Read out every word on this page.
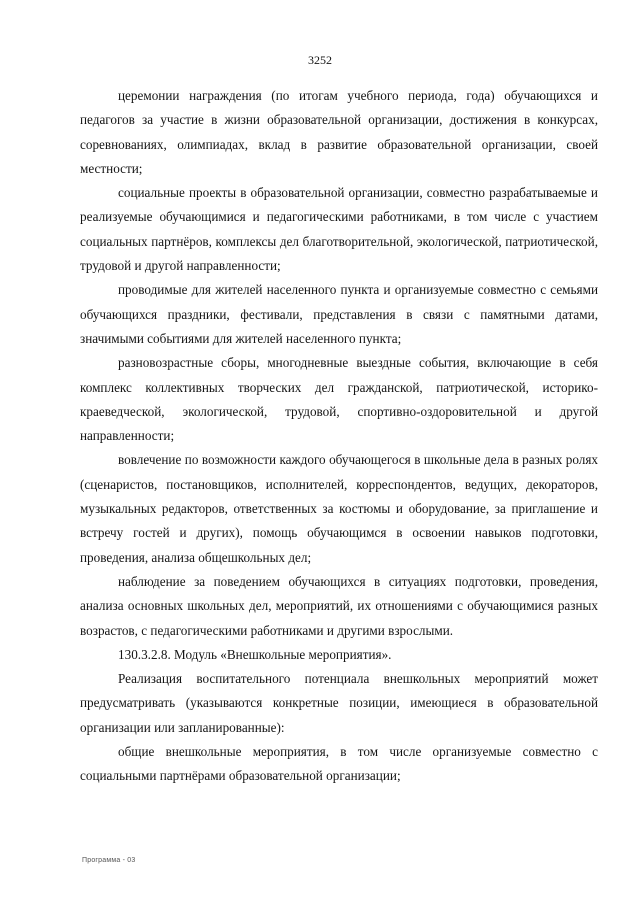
3252

церемонии награждения (по итогам учебного периода, года) обучающихся и педагогов за участие в жизни образовательной организации, достижения в конкурсах, соревнованиях, олимпиадах, вклад в развитие образовательной организации, своей местности;

социальные проекты в образовательной организации, совместно разрабатываемые и реализуемые обучающимися и педагогическими работниками, в том числе с участием социальных партнёров, комплексы дел благотворительной, экологической, патриотической, трудовой и другой направленности;

проводимые для жителей населенного пункта и организуемые совместно с семьями обучающихся праздники, фестивали, представления в связи с памятными датами, значимыми событиями для жителей населенного пункта;

разновозрастные сборы, многодневные выездные события, включающие в себя комплекс коллективных творческих дел гражданской, патриотической, историко-краеведческой, экологической, трудовой, спортивно-оздоровительной и другой направленности;

вовлечение по возможности каждого обучающегося в школьные дела в разных ролях (сценаристов, постановщиков, исполнителей, корреспондентов, ведущих, декораторов, музыкальных редакторов, ответственных за костюмы и оборудование, за приглашение и встречу гостей и других), помощь обучающимся в освоении навыков подготовки, проведения, анализа общешкольных дел;

наблюдение за поведением обучающихся в ситуациях подготовки, проведения, анализа основных школьных дел, мероприятий, их отношениями с обучающимися разных возрастов, с педагогическими работниками и другими взрослыми.

130.3.2.8. Модуль «Внешкольные мероприятия».

Реализация воспитательного потенциала внешкольных мероприятий может предусматривать (указываются конкретные позиции, имеющиеся в образовательной организации или запланированные):

общие внешкольные мероприятия, в том числе организуемые совместно с социальными партнёрами образовательной организации;

Программа - 03
